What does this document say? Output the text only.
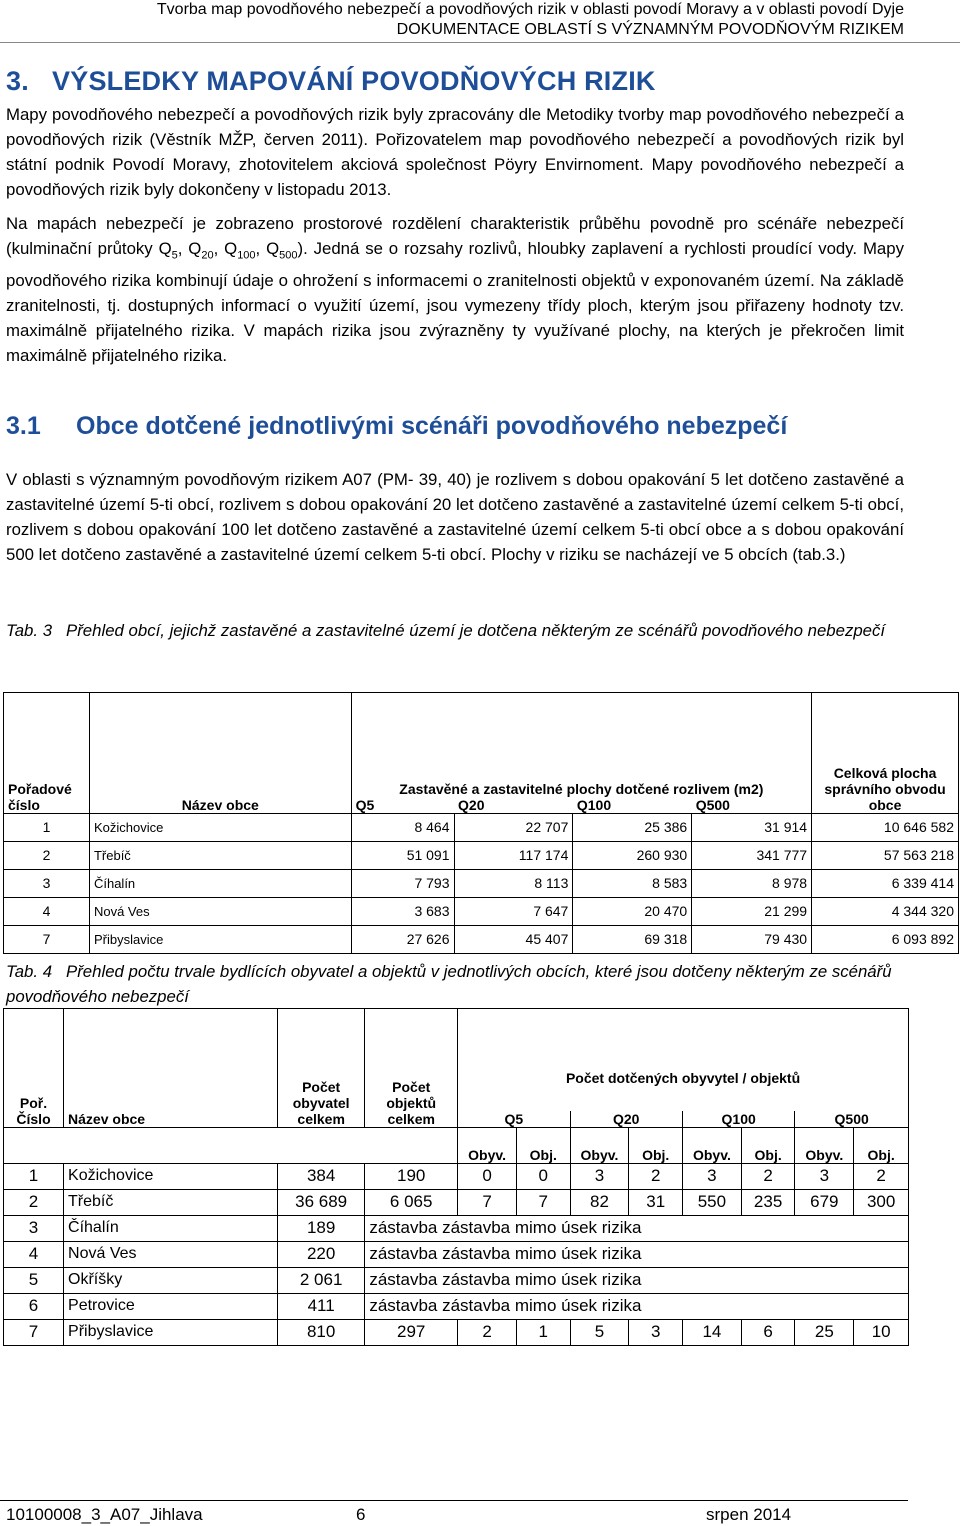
Tvorba map povodňového nebezpečí a povodňových rizik v oblasti povodí Moravy a v oblasti povodí Dyje
DOKUMENTACE OBLASTÍ S VÝZNAMNÝM POVODŇOVÝM RIZIKEM
3.   VÝSLEDKY MAPOVÁNÍ POVODŇOVÝCH RIZIK
Mapy povodňového nebezpečí a povodňových rizik byly zpracovány dle Metodiky tvorby map povodňového nebezpečí a povodňových rizik (Věstník MŽP, červen 2011). Pořizovatelem map povodňového nebezpečí a povodňových rizik byl státní podnik Povodí Moravy, zhotovitelem akciová společnost Pöyry Envirnoment. Mapy povodňového nebezpečí a povodňových rizik byly dokončeny v listopadu 2013.
Na mapách nebezpečí je zobrazeno prostorové rozdělení charakteristik průběhu povodně pro scénáře nebezpečí (kulminační průtoky $Q_5$, $Q_{20}$, $Q_{100}$, $Q_{500}$). Jedná se o rozsahy rozlivů, hloubky zaplavení a rychlosti proudící vody. Mapy povodňového rizika kombinují údaje o ohrožení s informacemi o zranitelnosti objektů v exponovaném území. Na základě zranitelnosti, tj. dostupných informací o využití území, jsou vymezeny třídy ploch, kterým jsou přiřazeny hodnoty tzv. maximálně přijatelného rizika. V mapách rizika jsou zvýrazněny ty využívané plochy, na kterých je překročen limit maximálně přijatelného rizika.
3.1 Obce dotčené jednotlivými scénáři povodňového nebezpečí
V oblasti s významným povodňovým rizikem A07 (PM- 39, 40) je rozlivem s dobou opakování 5 let dotčeno zastavěné a zastavitelné území 5-ti obcí, rozlivem s dobou opakování 20 let dotčeno zastavěné a zastavitelné území celkem 5-ti obcí, rozlivem s dobou opakování 100 let dotčeno zastavěné a zastavitelné území celkem 5-ti obcí obce a s dobou opakování 500 let dotčeno zastavěné a zastavitelné území celkem 5-ti obcí. Plochy v riziku se nacházejí ve 5 obcích (tab.3.)
Tab. 3   Přehled obcí, jejichž zastavěné a zastavitelné území je dotčena některým ze scénářů povodňového nebezpečí
Pořadové číslo	Název obce	Zastavěné a zastavitelné plochy dotčené rozlivem (m2)				Celková plocha správního obvodu obce
		Q5	Q20	Q100	Q500	
1	Kožichovice	8 464	22 707	25 386	31 914	10 646 582
2	Třebíč	51 091	117 174	260 930	341 777	57 563 218
3	Číhalín	7 793	8 113	8 583	8 978	6 339 414
4	Nová Ves	3 683	7 647	20 470	21 299	4 344 320
7	Přibyslavice	27 626	45 407	69 318	79 430	6 093 892
Tab. 4   Přehled počtu trvale bydlících obyvatel a objektů v jednotlivých obcích, které jsou dotčeny některým ze scénářů povodňového nebezpečí
Poř. Číslo	Název obce	Počet obyvatel celkem	Počet objektů celkem	Počet dotčených obyvytel / objektů							
				Q5		Q20		Q100		Q500	
				Obyv.	Obj.	Obyv.	Obj.	Obyv.	Obj.	Obyv.	Obj.
1	Kožichovice	384	190	0	0	3	2	3	2	3	2
2	Třebíč	36 689	6 065	7	7	82	31	550	235	679	300
3	Číhalín	189	zástavba zástavba mimo úsek rizika								
4	Nová Ves	220	zástavba zástavba mimo úsek rizika								
5	Okříšky	2 061	zástavba zástavba mimo úsek rizika								
6	Petrovice	411	zástavba zástavba mimo úsek rizika								
7	Přibyslavice	810	297	2	1	5	3	14	6	25	10
10100008_3_A07_Jihlava	6	srpen 2014
